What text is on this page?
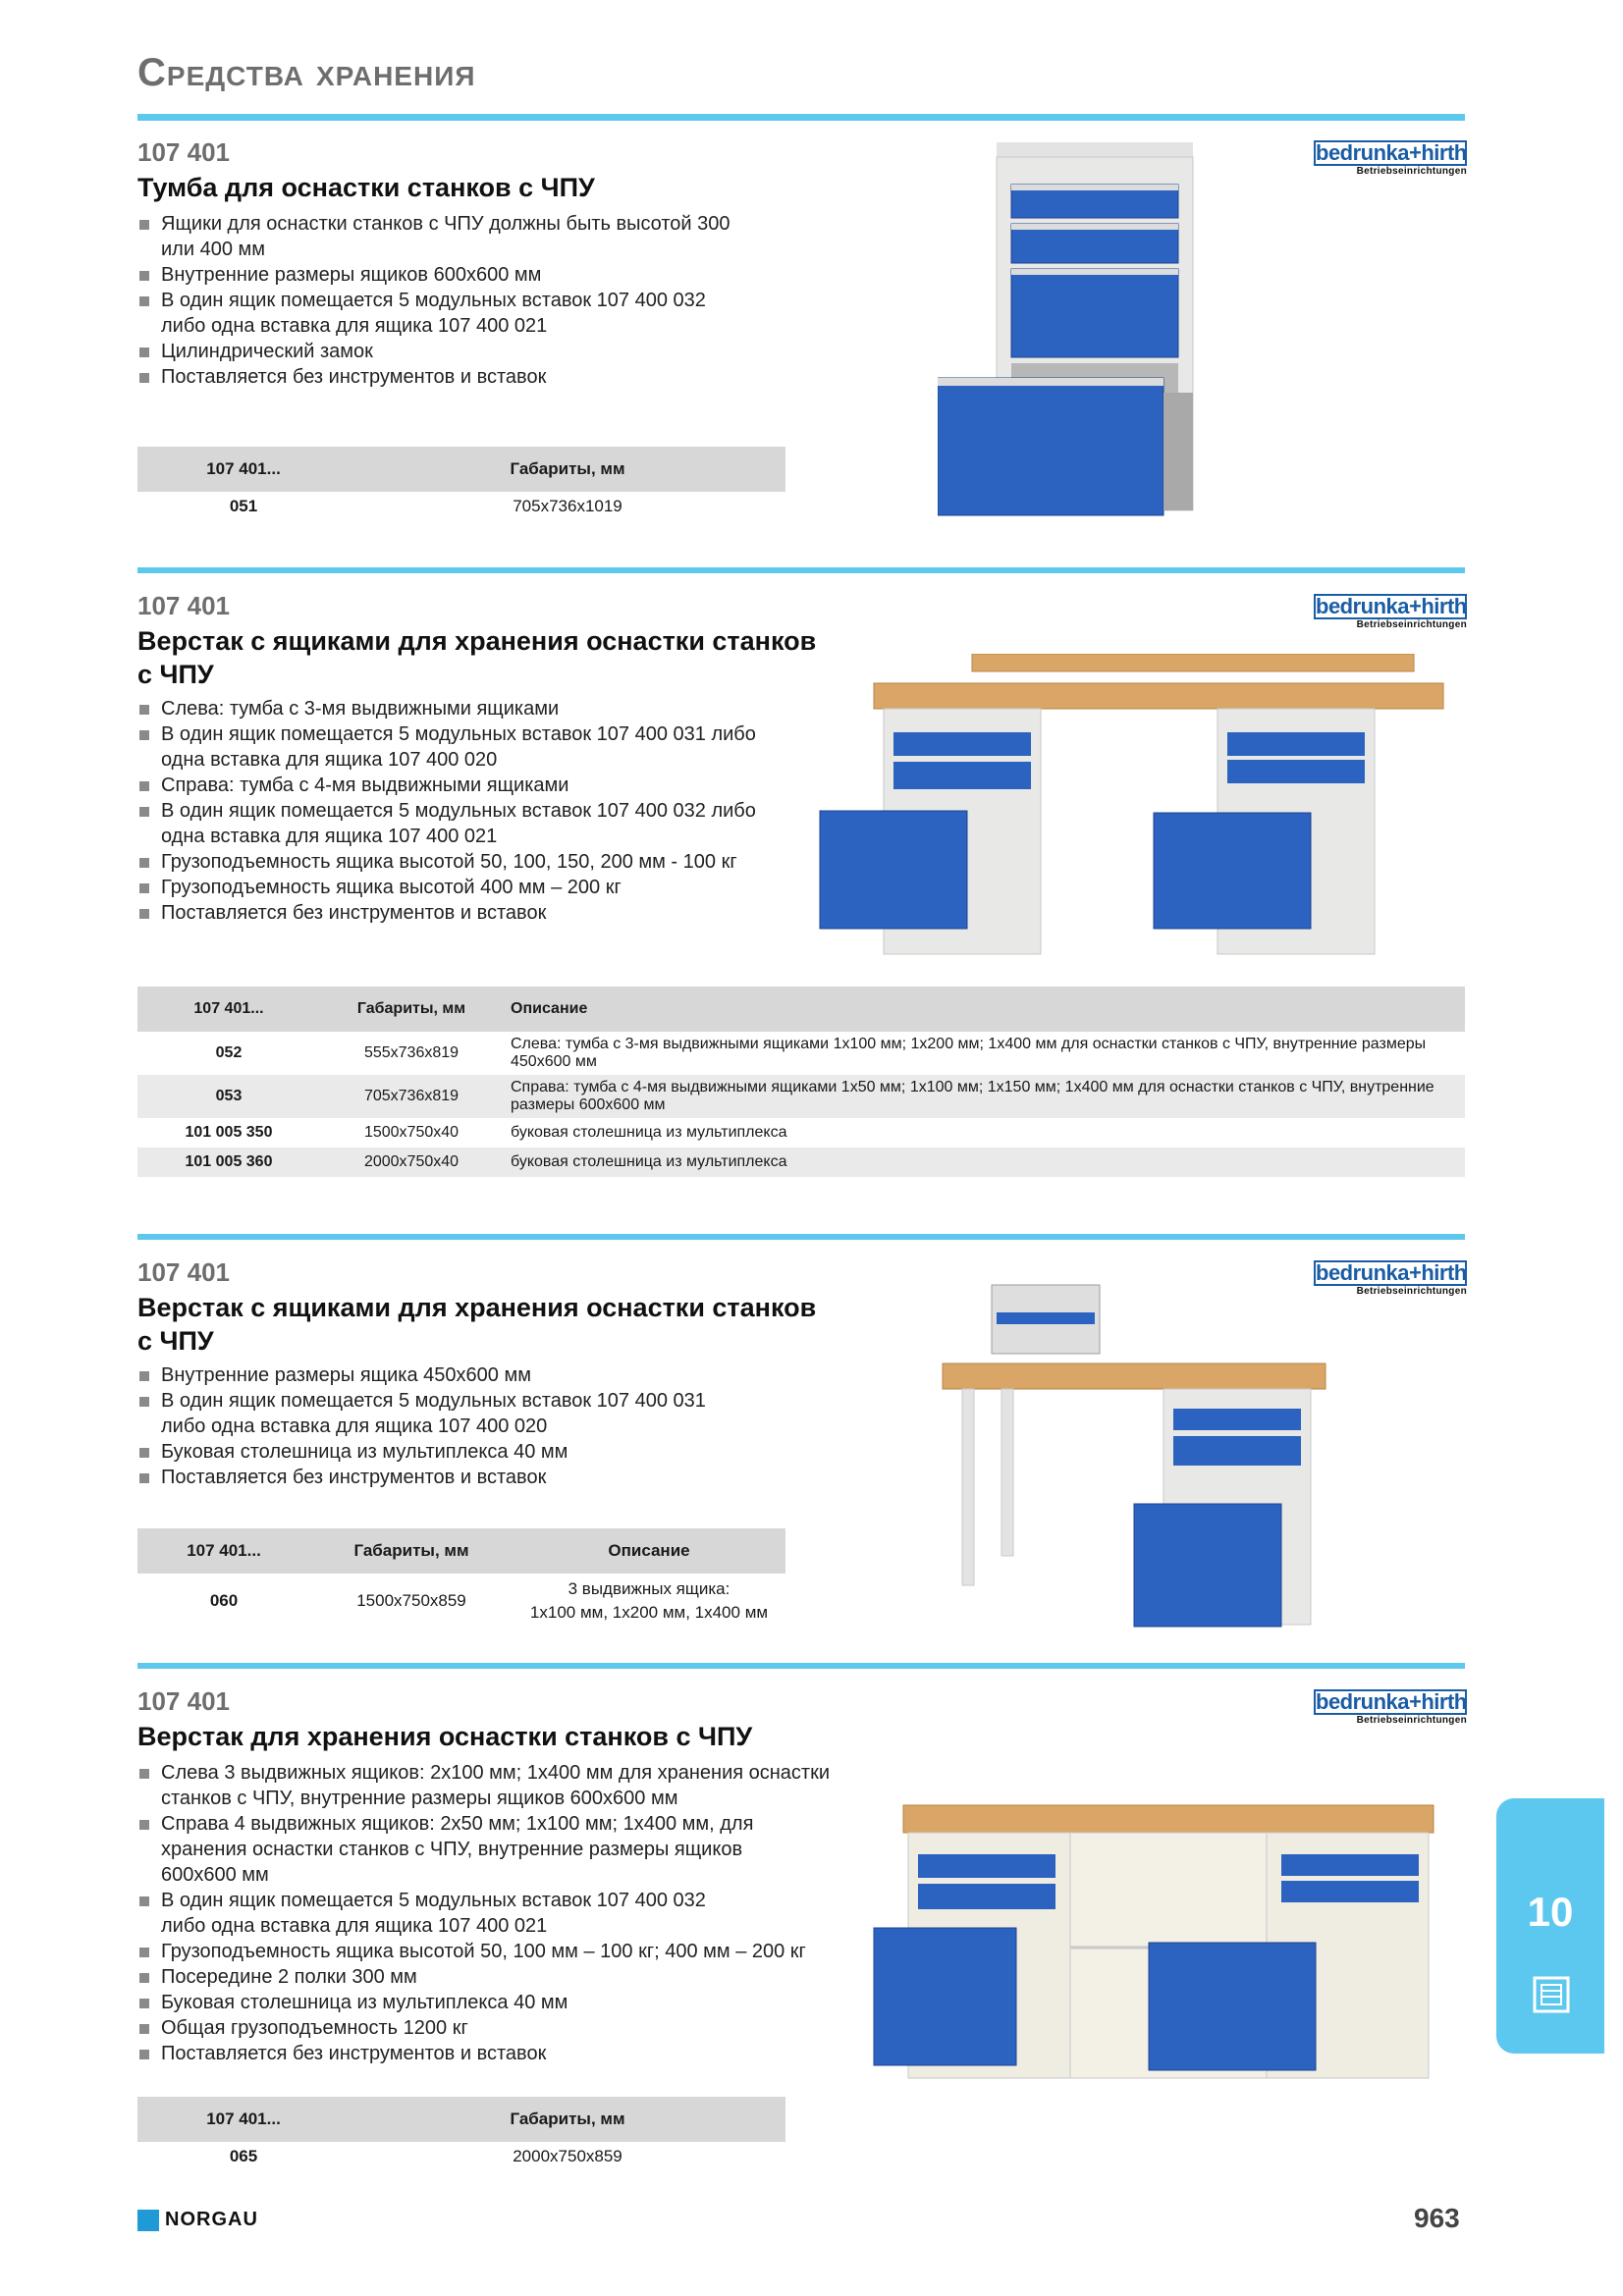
Средства хранения
107 401
Тумба для оснастки станков с ЧПУ
Ящики для оснастки станков с ЧПУ должны быть высотой 300 или 400 мм
Внутренние размеры ящиков 600x600 мм
В один ящик помещается 5 модульных вставок 107 400 032 либо одна вставка для ящика 107 400 021
Цилиндрический замок
Поставляется без инструментов и вставок
107 401...	Габариты, мм
051	705x736x1019
bedrunka+hirth
Betriebseinrichtungen
107 401
Верстак с ящиками для хранения оснастки станков с ЧПУ
Слева: тумба с 3-мя выдвижными ящиками
В один ящик помещается 5 модульных вставок 107 400 031 либо одна вставка для ящика 107 400 020
Справа: тумба с 4-мя выдвижными ящиками
В один ящик помещается 5 модульных вставок 107 400 032 либо одна вставка для ящика 107 400 021
Грузоподъемность ящика высотой 50, 100, 150, 200 мм - 100 кг
Грузоподъемность ящика высотой 400 мм – 200 кг
Поставляется без инструментов и вставок
107 401...	Габариты, мм	Описание
052	555x736x819	Слева: тумба с 3-мя выдвижными ящиками 1x100 мм; 1x200 мм; 1x400 мм для оснастки станков с ЧПУ, внутренние размеры 450x600 мм
053	705x736x819	Справа: тумба с 4-мя выдвижными ящиками 1x50 мм; 1x100 мм; 1x150 мм; 1x400 мм для оснастки станков с ЧПУ, внутренние размеры 600x600 мм
101 005 350	1500x750x40	буковая столешница из мультиплекса
101 005 360	2000x750x40	буковая столешница из мультиплекса
bedrunka+hirth
Betriebseinrichtungen
107 401
Верстак с ящиками для хранения оснастки станков с ЧПУ
Внутренние размеры ящика 450x600 мм
В один ящик помещается 5 модульных вставок 107 400 031 либо одна вставка для ящика 107 400 020
Буковая столешница из мультиплекса 40 мм
Поставляется без инструментов и вставок
107 401...	Габариты, мм	Описание
060	1500x750x859	3 выдвижных ящика:
1x100 мм, 1x200 мм, 1x400 мм
bedrunka+hirth
Betriebseinrichtungen
107 401
Верстак для хранения оснастки станков с ЧПУ
Слева 3 выдвижных ящиков: 2x100 мм; 1x400 мм для хранения оснастки станков с ЧПУ, внутренние размеры ящиков 600x600 мм
Справа 4 выдвижных ящиков: 2x50 мм; 1x100 мм; 1x400 мм, для хранения оснастки станков с ЧПУ, внутренние размеры ящиков 600x600 мм
В один ящик помещается 5 модульных вставок 107 400 032 либо одна вставка для ящика 107 400 021
Грузоподъемность ящика высотой 50, 100 мм – 100 кг; 400 мм – 200 кг
Посередине 2 полки 300 мм
Буковая столешница из мультиплекса 40 мм
Общая грузоподъемность 1200 кг
Поставляется без инструментов и вставок
107 401...	Габариты, мм
065	2000x750x859
bedrunka+hirth
Betriebseinrichtungen
10
NORGAU	963
